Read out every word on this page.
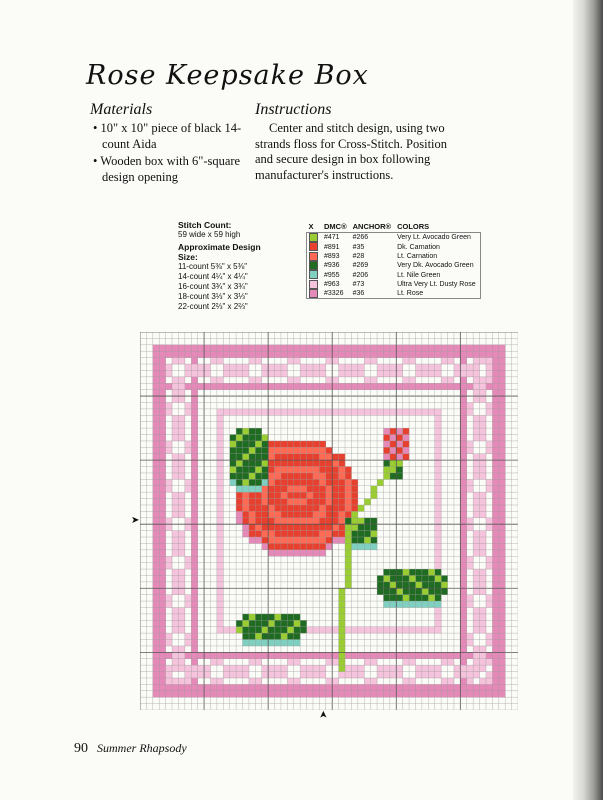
Rose Keepsake Box
Materials
• 10" x 10" piece of black 14-count Aida
• Wooden box with 6"-square design opening
Instructions

Center and stitch design, using two strands floss for Cross-Stitch. Position and secure design in box following manufacturer's instructions.

Stitch Count:
59 wide x 59 high
Approximate Design Size:
11-count 5⅜" x 5⅜"
14-count 4¼" x 4¼"
16-count 3¾" x 3¾"
18-count 3⅓" x 3⅓"
22-count 2⅔" x 2⅔"
X	DMC®	ANCHOR®	COLORS
	#471	#266	Very Lt. Avocado Green
	#891	#35	Dk. Carnation
	#893	#28	Lt. Carnation
	#936	#269	Very Dk. Avocado Green
	#955	#206	Lt. Nile Green
	#963	#73	Ultra Very Lt. Dusty Rose
	#3326	#36	Lt. Rose
➤
➤
90 Summer Rhapsody
